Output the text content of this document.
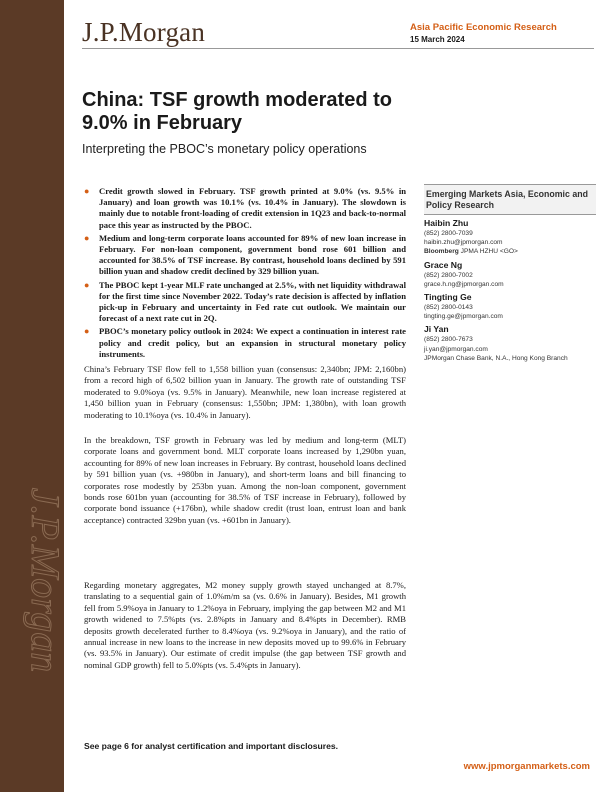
J.P.Morgan
J.P.Morgan	Asia Pacific Economic Research
15 March 2024
China: TSF growth moderated to 9.0% in February
Interpreting the PBOC’s monetary policy operations
● Credit growth slowed in February. TSF growth printed at 9.0% (vs. 9.5% in January) and loan growth was 10.1% (vs. 10.4% in January). The slowdown is mainly due to notable front-loading of credit extension in 1Q23 and back-to-normal pace this year as instructed by the PBOC.
● Medium and long-term corporate loans accounted for 89% of new loan increase in February. For non-loan component, government bond rose 601 billion and accounted for 38.5% of TSF increase. By contrast, household loans declined by 591 billion yuan and shadow credit declined by 329 billion yuan.
● The PBOC kept 1-year MLF rate unchanged at 2.5%, with net liquidity withdrawal for the first time since November 2022. Today’s rate decision is affected by inflation pick-up in February and uncertainty in Fed rate cut outlook. We maintain our forecast of a next rate cut in 2Q.
● PBOC’s monetary policy outlook in 2024: We expect a continuation in interest rate policy and credit policy, but an expansion in structural monetary policy instruments.

China’s February TSF flow fell to 1,558 billion yuan (consensus: 2,340bn; JPM: 2,160bn) from a record high of 6,502 billion yuan in January. The growth rate of outstanding TSF moderated to 9.0%oya (vs. 9.5% in January). Meanwhile, new loan increase registered at 1,450 billion yuan in February (consensus: 1,550bn; JPM: 1,380bn), with loan growth moderating to 10.1%oya (vs. 10.4% in January).

In the breakdown, TSF growth in February was led by medium and long-term (MLT) corporate loans and government bond. MLT corporate loans increased by 1,290bn yuan, accounting for 89% of new loan increases in February. By contrast, household loans declined by 591 billion yuan (vs. +980bn in January), and short-term loans and bill financing to corporates rose modestly by 253bn yuan. Among the non-loan component, government bonds rose 601bn yuan (accounting for 38.5% of TSF increase in February), followed by corporate bond issuance (+176bn), while shadow credit (trust loan, entrust loan and bank acceptance) contracted 329bn yuan (vs. +601bn in January).

Regarding monetary aggregates, M2 money supply growth stayed unchanged at 8.7%, translating to a sequential gain of 1.0%m/m sa (vs. 0.6% in January). Besides, M1 growth fell from 5.9%oya in January to 1.2%oya in February, implying the gap between M2 and M1 growth widened to 7.5%pts (vs. 2.8%pts in January and 8.4%pts in December). RMB deposits growth decelerated further to 8.4%oya (vs. 9.2%oya in January), and the ratio of annual increase in new loans to the increase in new deposits moved up to 99.6% in February (vs. 93.5% in January). Our estimate of credit impulse (the gap between TSF growth and nominal GDP growth) fell to 5.0%pts (vs. 5.4%pts in January).

Emerging Markets Asia, Economic and Policy Research
Haibin Zhu
(852) 2800-7039
haibin.zhu@jpmorgan.com
Bloomberg JPMA HZHU <GO>
Grace Ng
(852) 2800-7002
grace.h.ng@jpmorgan.com
Tingting Ge
(852) 2800-0143
tingting.ge@jpmorgan.com
Ji Yan
(852) 2800-7673
ji.yan@jpmorgan.com
JPMorgan Chase Bank, N.A., Hong Kong Branch
See page 6 for analyst certification and important disclosures.
www.jpmorganmarkets.com
